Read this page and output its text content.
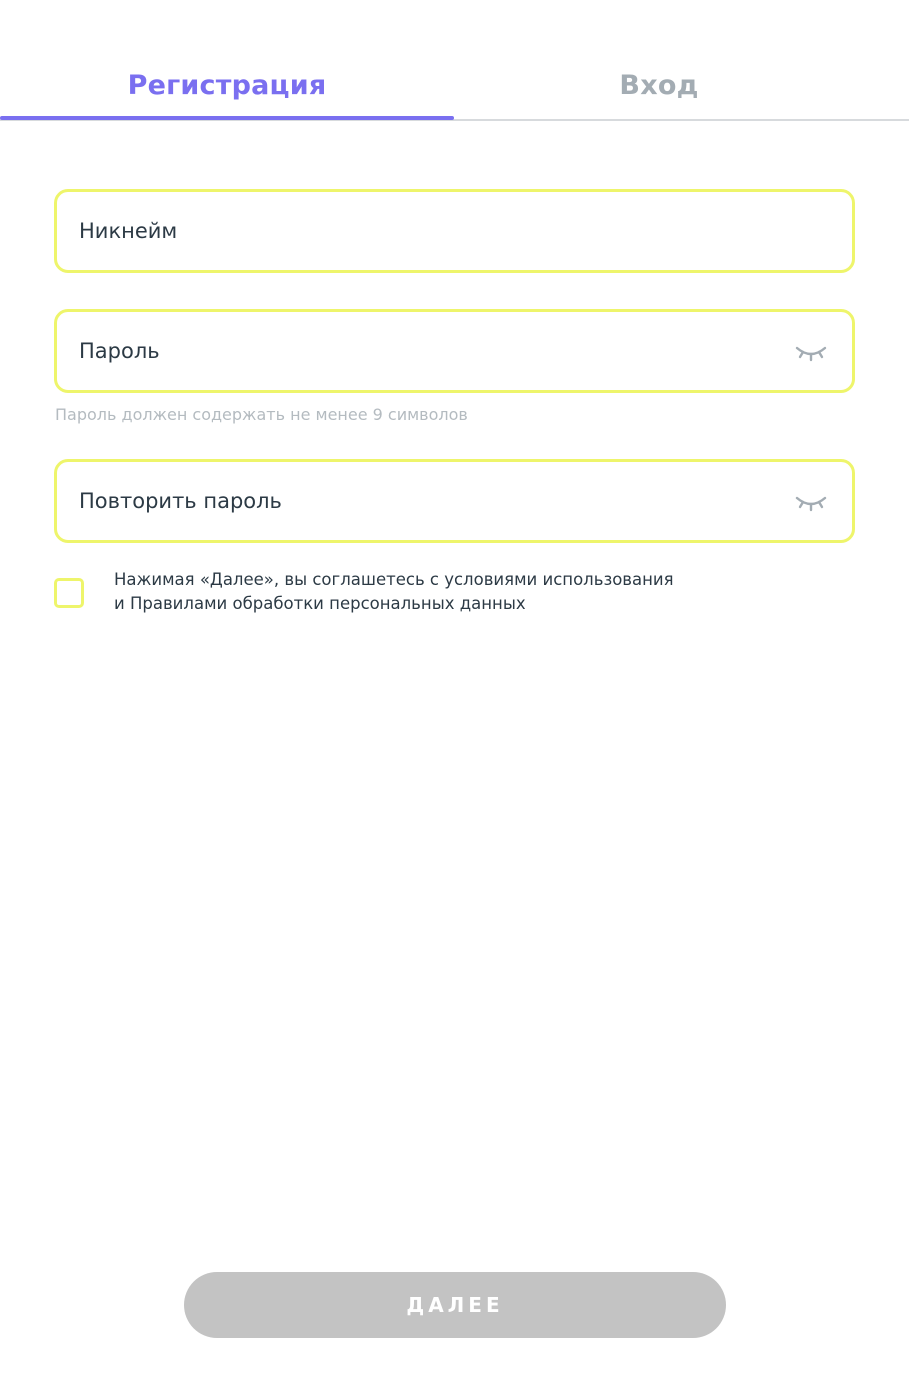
Регистрация	Вход
Никнейм
Пароль должен содержать не менее 9 символов
Нажимая «Далее», вы соглашетесь с условиями использования
и Правилами обработки персональных данных
ДАЛЕЕ
